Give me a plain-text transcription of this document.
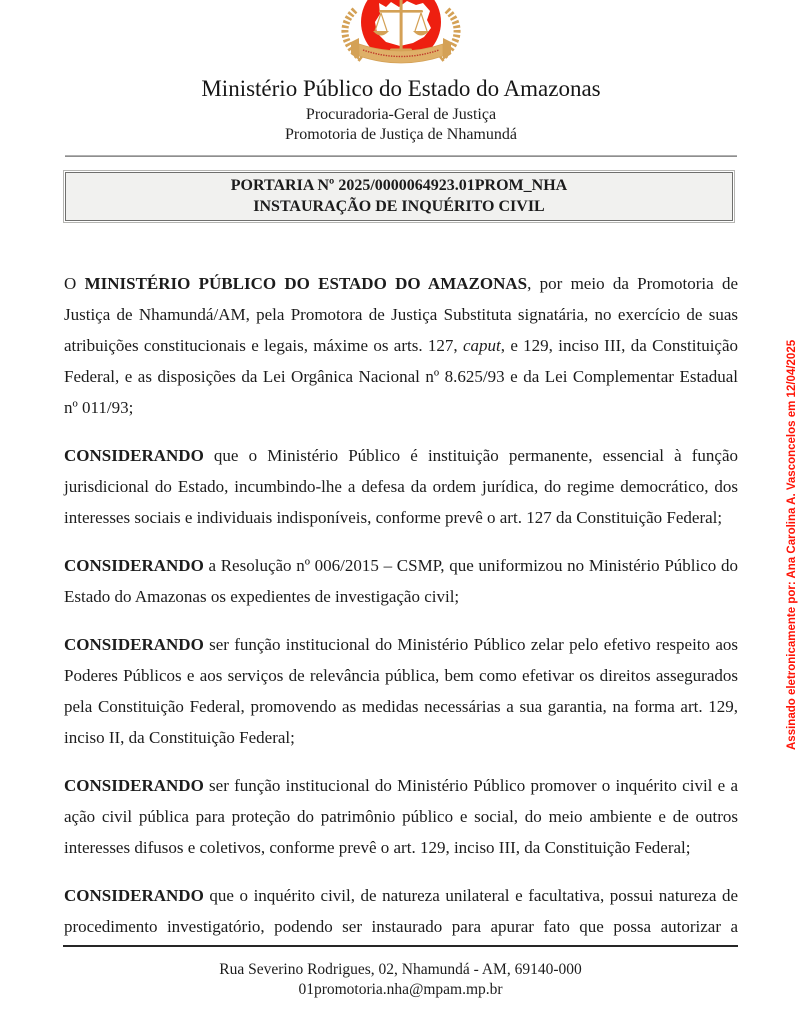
Ministério Público do Estado do Amazonas
Procuradoria-Geral de Justiça
Promotoria de Justiça de Nhamundá
PORTARIA Nº 2025/0000064923.01PROM_NHA
INSTAURAÇÃO DE INQUÉRITO CIVIL

O MINISTÉRIO PÚBLICO DO ESTADO DO AMAZONAS, por meio da Promotoria de Justiça de Nhamundá/AM, pela Promotora de Justiça Substituta signatária, no exercício de suas atribuições constitucionais e legais, máxime os arts. 127, caput, e 129, inciso III, da Constituição Federal, e as disposições da Lei Orgânica Nacional nº 8.625/93 e da Lei Complementar Estadual nº 011/93;

CONSIDERANDO que o Ministério Público é instituição permanente, essencial à função jurisdicional do Estado, incumbindo-lhe a defesa da ordem jurídica, do regime democrático, dos interesses sociais e individuais indisponíveis, conforme prevê o art. 127 da Constituição Federal;

CONSIDERANDO a Resolução nº 006/2015 – CSMP, que uniformizou no Ministério Público do Estado do Amazonas os expedientes de investigação civil;

CONSIDERANDO ser função institucional do Ministério Público zelar pelo efetivo respeito aos Poderes Públicos e aos serviços de relevância pública, bem como efetivar os direitos assegurados pela Constituição Federal, promovendo as medidas necessárias a sua garantia, na forma art. 129, inciso II, da Constituição Federal;

CONSIDERANDO ser função institucional do Ministério Público promover o inquérito civil e a ação civil pública para proteção do patrimônio público e social, do meio ambiente e de outros interesses difusos e coletivos, conforme prevê o art. 129, inciso III, da Constituição Federal;

CONSIDERANDO que o inquérito civil, de natureza unilateral e facultativa, possui natureza de procedimento investigatório, podendo ser instaurado para apurar fato que possa autorizar a

Assinado eletronicamente por: Ana Carolina A. Vasconcelos em 12/04/2025
Rua Severino Rodrigues, 02, Nhamundá - AM, 69140-000
01promotoria.nha@mpam.mp.br
